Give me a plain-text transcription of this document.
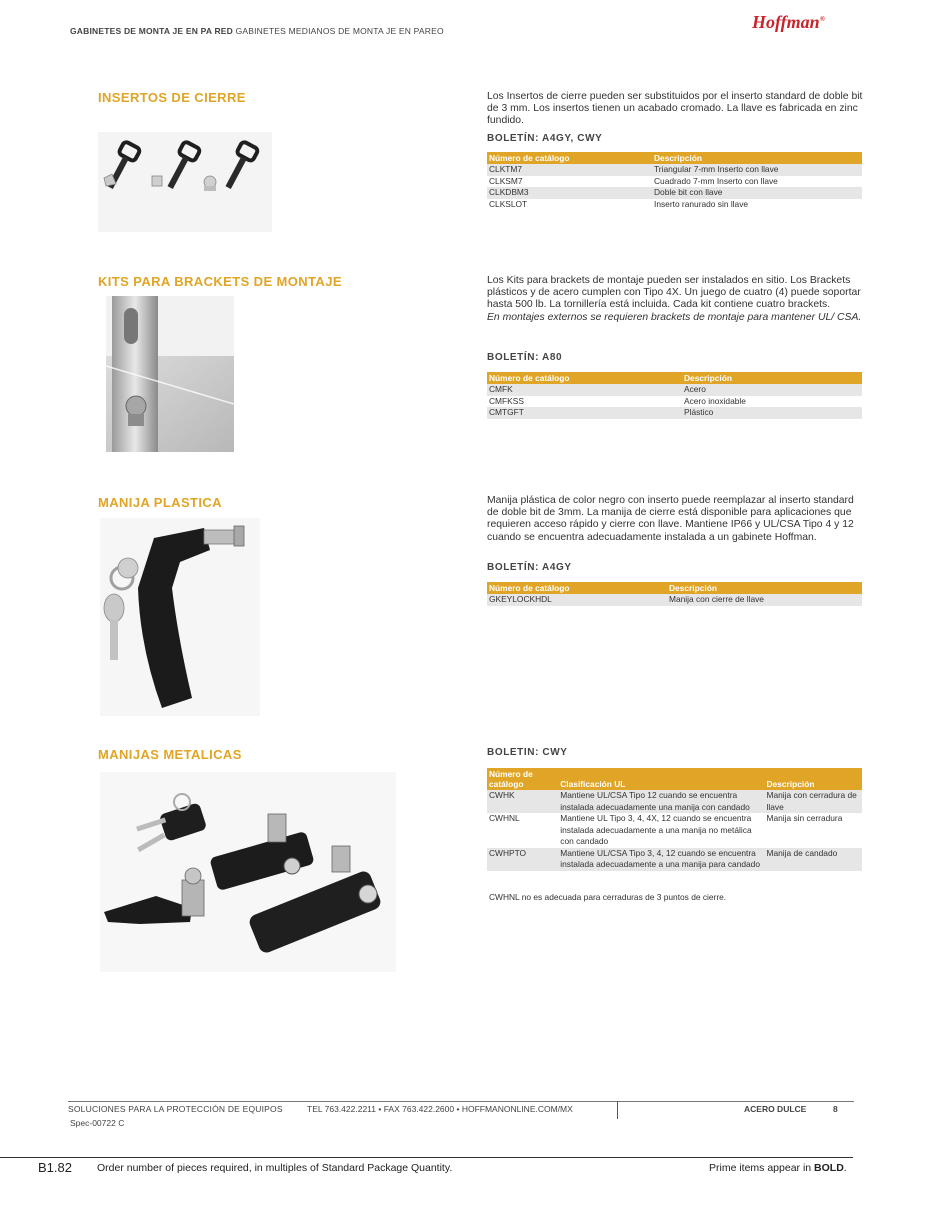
GABINETES DE MONTA JE EN PA RED GABINETES MEDIANOS DE MONTA JE EN PAREO	Hoffman®
INSERTOS DE CIERRE	Los Insertos de cierre pueden ser substituidos por el inserto standard de doble bit de 3 mm. Los insertos tienen un acabado cromado. La llave es fabricada en zinc fundido.
BOLETÍN: A4GY, CWY
Número de catálogo	Descripción
CLKTM7	Triangular 7-mm Inserto con llave
CLKSM7	Cuadrado 7-mm Inserto con llave
CLKDBM3	Doble bit con llave
CLKSLOT	Inserto ranurado sin llave
KITS PARA BRACKETS DE MONTAJE	Los Kits para brackets de montaje pueden ser instalados en sitio. Los Brackets plásticos y de acero cumplen con Tipo 4X. Un juego de cuatro (4) puede soportar hasta 500 lb. La tornillería está incluida. Cada kit contiene cuatro brackets.
En montajes externos se requieren brackets de montaje para mantener UL/ CSA.
BOLETÍN: A80
Número de catálogo	Descripción
CMFK	Acero
CMFKSS	Acero inoxidable
CMTGFT	Plástico
MANIJA PLASTICA	Manija plástica de color negro con inserto puede reemplazar al inserto standard de doble bit de 3mm. La manija de cierre está disponible para aplicaciones que requieren acceso rápido y cierre con llave. Mantiene IP66 y UL/CSA Tipo 4 y 12 cuando se encuentra adecuadamente instalada a un gabinete Hoffman.
BOLETÍN: A4GY
Número de catálogo	Descripción
GKEYLOCKHDL	Manija con cierre de llave
MANIJAS METALICAS	BOLETIN: CWY
Número de catálogo	Clasificación UL	Descripción
CWHK	Mantiene UL/CSA Tipo 12 cuando se encuentra instalada adecuadamente una manija con candado	Manija con cerradura de llave
CWHNL	Mantiene UL Tipo 3, 4, 4X, 12 cuando se encuentra instalada adecuadamente a una manija no metálica con candado	Manija sin cerradura
CWHPTO	Mantiene UL/CSA Tipo 3, 4, 12 cuando se encuentra instalada adecuadamente a una manija para candado	Manija de candado
CWHNL no es adecuada para cerraduras de 3 puntos de cierre.
SOLUCIONES PARA LA PROTECCIÓN DE EQUIPOS	TEL 763.422.2211 • FAX 763.422.2600 • HOFFMANONLINE.COM/MX	ACERO DULCE	8
Spec-00722 C
B1.82 Order number of pieces required, in multiples of Standard Package Quantity.	Prime items appear in BOLD.
